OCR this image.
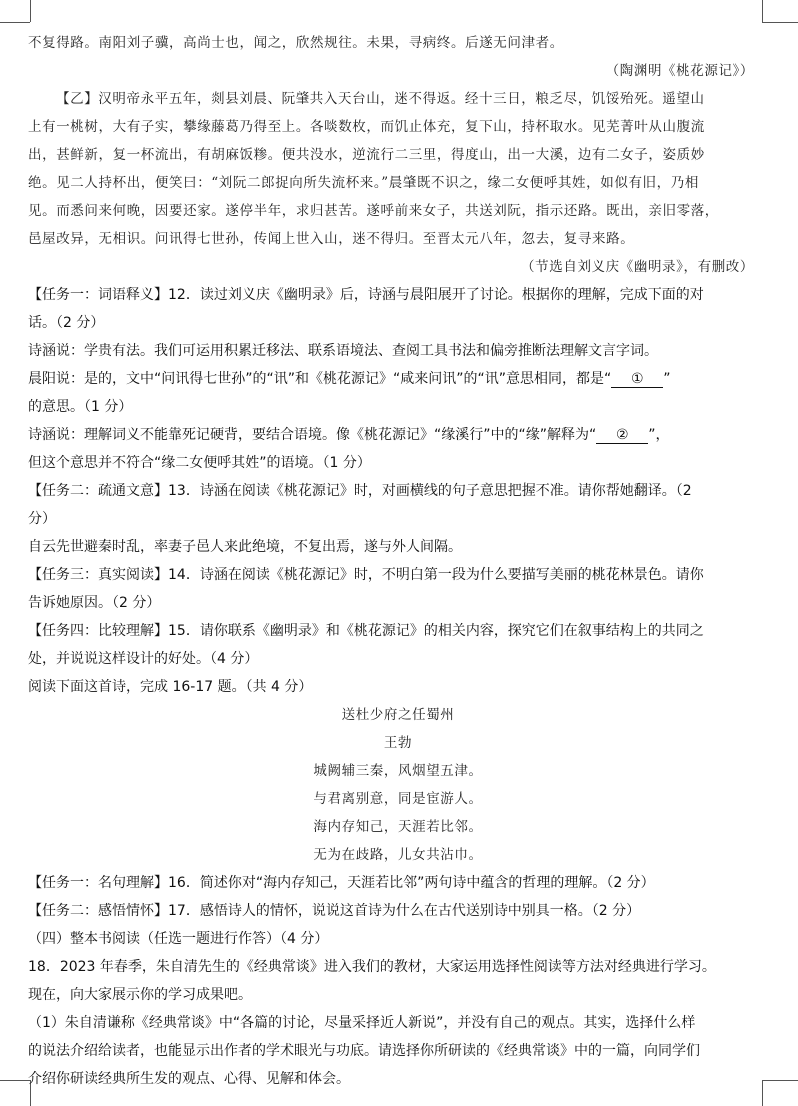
不复得路。南阳刘子骥，高尚士也，闻之，欣然规往。未果，寻病终。后遂无问津者。
（陶渊明《桃花源记》）
【乙】汉明帝永平五年，剡县刘晨、阮肇共入天台山，迷不得返。经十三日，粮乏尽，饥馁殆死。遥望山
上有一桃树，大有子实，攀缘藤葛乃得至上。各啖数枚，而饥止体充，复下山，持杯取水。见芜菁叶从山腹流
出，甚鲜新，复一杯流出，有胡麻饭糁。便共没水，逆流行二三里，得度山，出一大溪，边有二女子，姿质妙
绝。见二人持杯出，便笑曰：“刘阮二郎捉向所失流杯来。”晨肇既不识之，缘二女便呼其姓，如似有旧，乃相
见。而悉问来何晚，因要还家。遂停半年，求归甚苦。遂呼前来女子，共送刘阮，指示还路。既出，亲旧零落，
邑屋改异，无相识。问讯得七世孙，传闻上世入山，迷不得归。至晋太元八年，忽去，复寻来路。
（节选自刘义庆《幽明录》，有删改）
【任务一：词语释义】12．读过刘义庆《幽明录》后，诗涵与晨阳展开了讨论。根据你的理解，完成下面的对
话。（2 分）
诗涵说：学贵有法。我们可运用积累迁移法、联系语境法、查阅工具书法和偏旁推断法理解文言字词。
晨阳说：是的，文中“问讯得七世孙”的“讯”和《桃花源记》“咸来问讯”的“讯”意思相同，都是“ ① ”
的意思。（1 分）
诗涵说：理解词义不能靠死记硬背，要结合语境。像《桃花源记》“缘溪行”中的“缘”解释为“ ② ”，
但这个意思并不符合“缘二女便呼其姓”的语境。（1 分）
【任务二：疏通文意】13．诗涵在阅读《桃花源记》时，对画横线的句子意思把握不准。请你帮她翻译。（2
分）
自云先世避秦时乱，率妻子邑人来此绝境，不复出焉，遂与外人间隔。
【任务三：真实阅读】14．诗涵在阅读《桃花源记》时，不明白第一段为什么要描写美丽的桃花林景色。请你
告诉她原因。（2 分）
【任务四：比较理解】15．请你联系《幽明录》和《桃花源记》的相关内容，探究它们在叙事结构上的共同之
处，并说说这样设计的好处。（4 分）
阅读下面这首诗，完成 16-17 题。（共 4 分）
送杜少府之任蜀州
王勃
城阙辅三秦，风烟望五津。
与君离别意，同是宦游人。
海内存知己，天涯若比邻。
无为在歧路，儿女共沾巾。
【任务一：名句理解】16．简述你对“海内存知己，天涯若比邻”两句诗中蕴含的哲理的理解。（2 分）
【任务二：感悟情怀】17．感悟诗人的情怀，说说这首诗为什么在古代送别诗中别具一格。（2 分）
（四）整本书阅读（任选一题进行作答）（4 分）
18．2023 年春季，朱自清先生的《经典常谈》进入我们的教材，大家运用选择性阅读等方法对经典进行学习。
现在，向大家展示你的学习成果吧。
（1）朱自清谦称《经典常谈》中“各篇的讨论，尽量采择近人新说”，并没有自己的观点。其实，选择什么样
的说法介绍给读者，也能显示出作者的学术眼光与功底。请选择你所研读的《经典常谈》中的一篇，向同学们
介绍你研读经典所生发的观点、心得、见解和体会。
